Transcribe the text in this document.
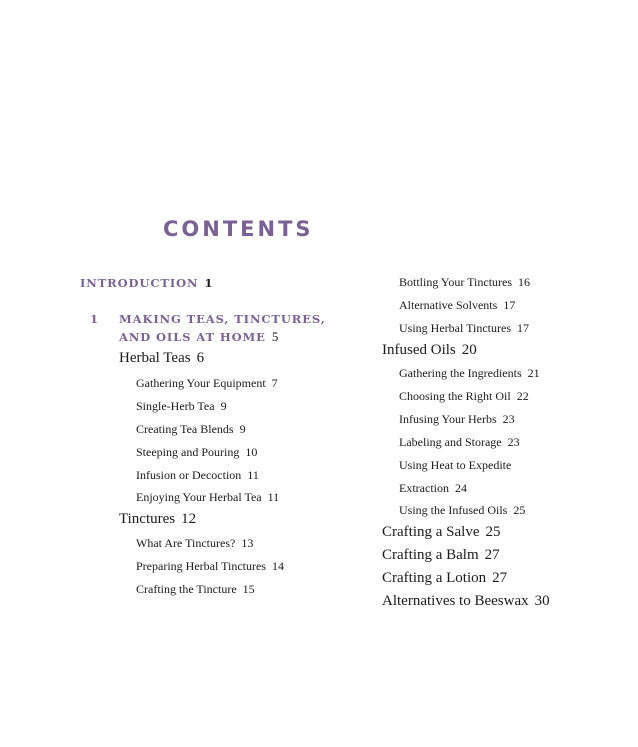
CONTENTS
INTRODUCTION 1
1 MAKING TEAS, TINCTURES,
AND OILS AT HOME 5
Herbal Teas 6
Gathering Your Equipment 7
Single-Herb Tea 9
Creating Tea Blends 9
Steeping and Pouring 10
Infusion or Decoction 11
Enjoying Your Herbal Tea 11
Tinctures 12
What Are Tinctures? 13
Preparing Herbal Tinctures 14
Crafting the Tincture 15
Bottling Your Tinctures 16
Alternative Solvents 17
Using Herbal Tinctures 17
Infused Oils 20
Gathering the Ingredients 21
Choosing the Right Oil 22
Infusing Your Herbs 23
Labeling and Storage 23
Using Heat to Expedite
Extraction 24
Using the Infused Oils 25
Crafting a Salve 25
Crafting a Balm 27
Crafting a Lotion 27
Alternatives to Beeswax 30
